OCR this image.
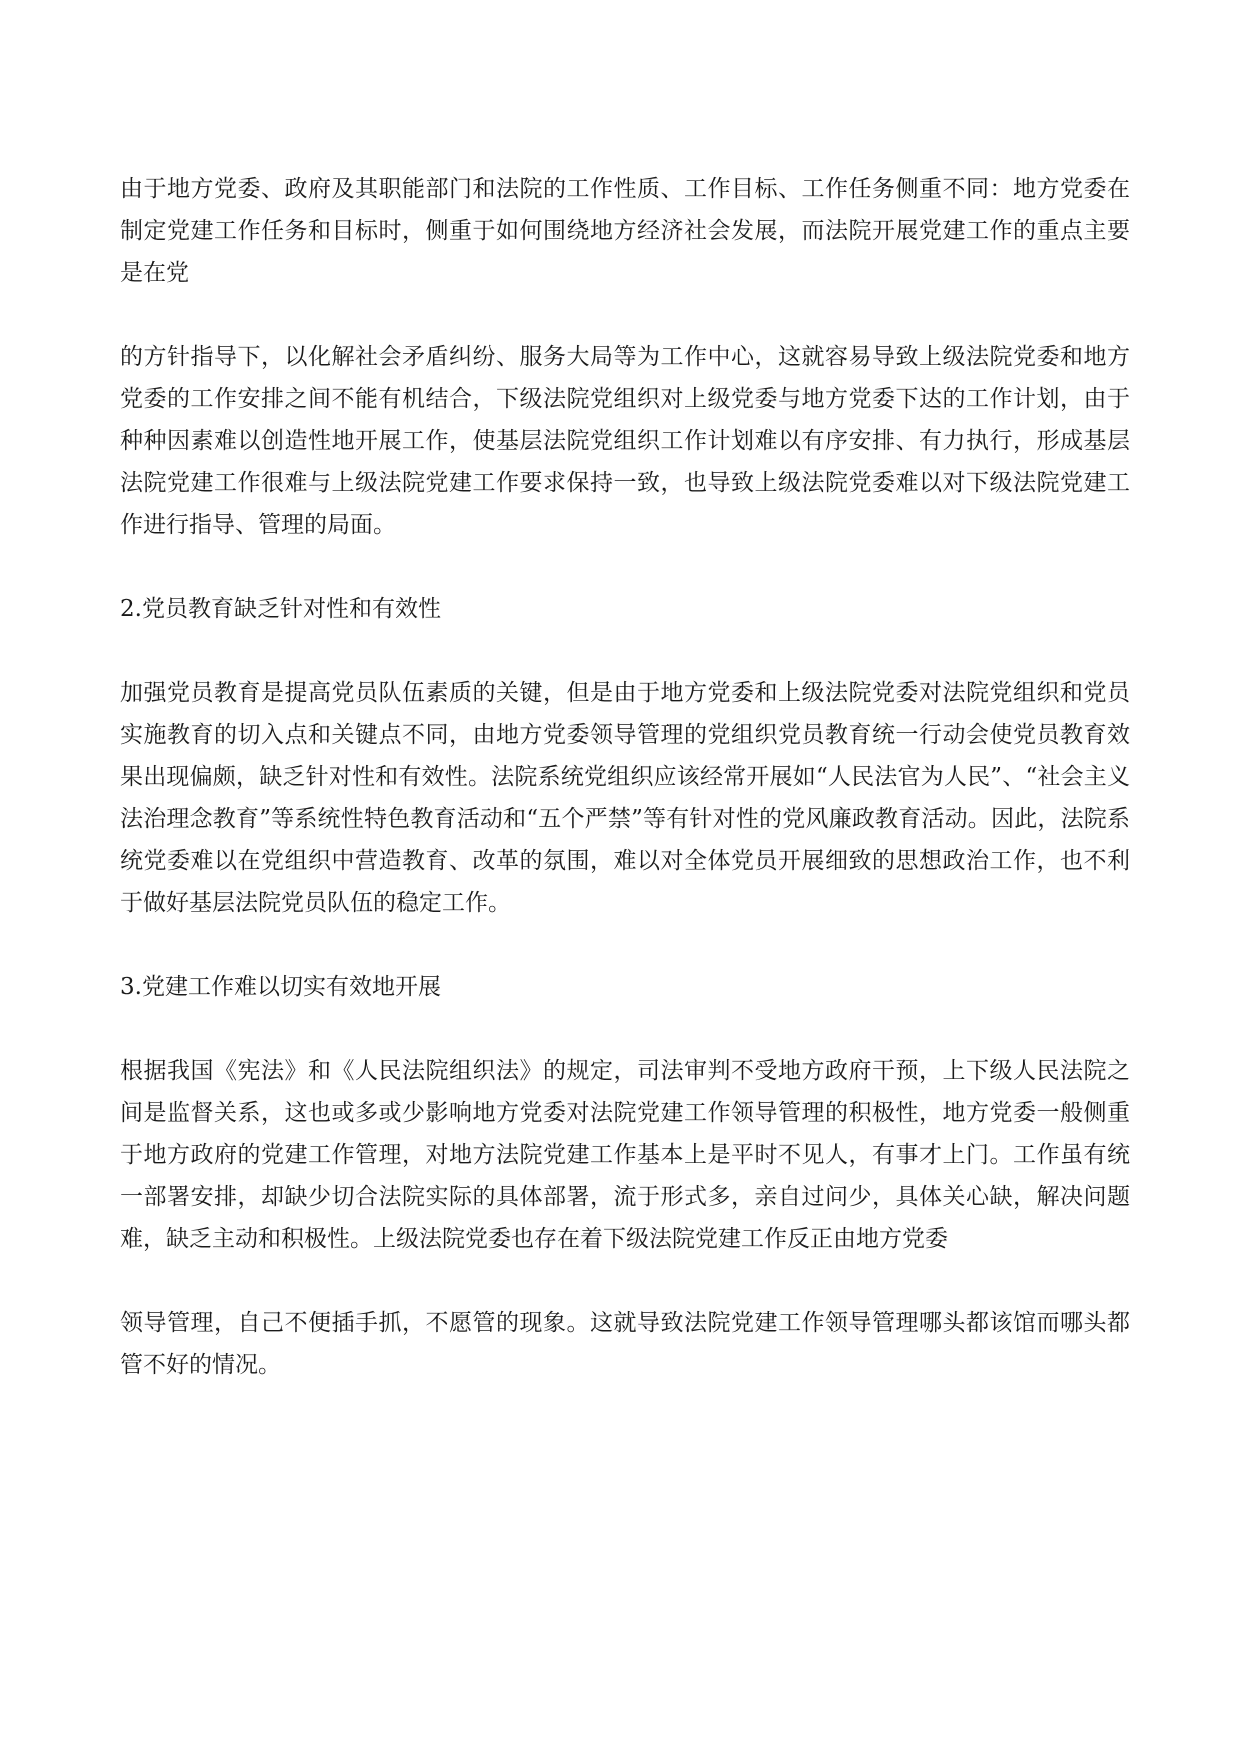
由于地方党委、政府及其职能部门和法院的工作性质、工作目标、工作任务侧重不同：地方党委在制定党建工作任务和目标时，侧重于如何围绕地方经济社会发展，而法院开展党建工作的重点主要是在党

的方针指导下，以化解社会矛盾纠纷、服务大局等为工作中心，这就容易导致上级法院党委和地方党委的工作安排之间不能有机结合，下级法院党组织对上级党委与地方党委下达的工作计划，由于种种因素难以创造性地开展工作，使基层法院党组织工作计划难以有序安排、有力执行，形成基层法院党建工作很难与上级法院党建工作要求保持一致，也导致上级法院党委难以对下级法院党建工作进行指导、管理的局面。

2.党员教育缺乏针对性和有效性

加强党员教育是提高党员队伍素质的关键，但是由于地方党委和上级法院党委对法院党组织和党员实施教育的切入点和关键点不同，由地方党委领导管理的党组织党员教育统一行动会使党员教育效果出现偏颇，缺乏针对性和有效性。法院系统党组织应该经常开展如“人民法官为人民”、“社会主义法治理念教育”等系统性特色教育活动和“五个严禁”等有针对性的党风廉政教育活动。因此，法院系统党委难以在党组织中营造教育、改革的氛围，难以对全体党员开展细致的思想政治工作，也不利于做好基层法院党员队伍的稳定工作。

3.党建工作难以切实有效地开展

根据我国《宪法》和《人民法院组织法》的规定，司法审判不受地方政府干预，上下级人民法院之间是监督关系，这也或多或少影响地方党委对法院党建工作领导管理的积极性，地方党委一般侧重于地方政府的党建工作管理，对地方法院党建工作基本上是平时不见人，有事才上门。工作虽有统一部署安排，却缺少切合法院实际的具体部署，流于形式多，亲自过问少，具体关心缺，解决问题难，缺乏主动和积极性。上级法院党委也存在着下级法院党建工作反正由地方党委

领导管理，自己不便插手抓，不愿管的现象。这就导致法院党建工作领导管理哪头都该馆而哪头都管不好的情况。
